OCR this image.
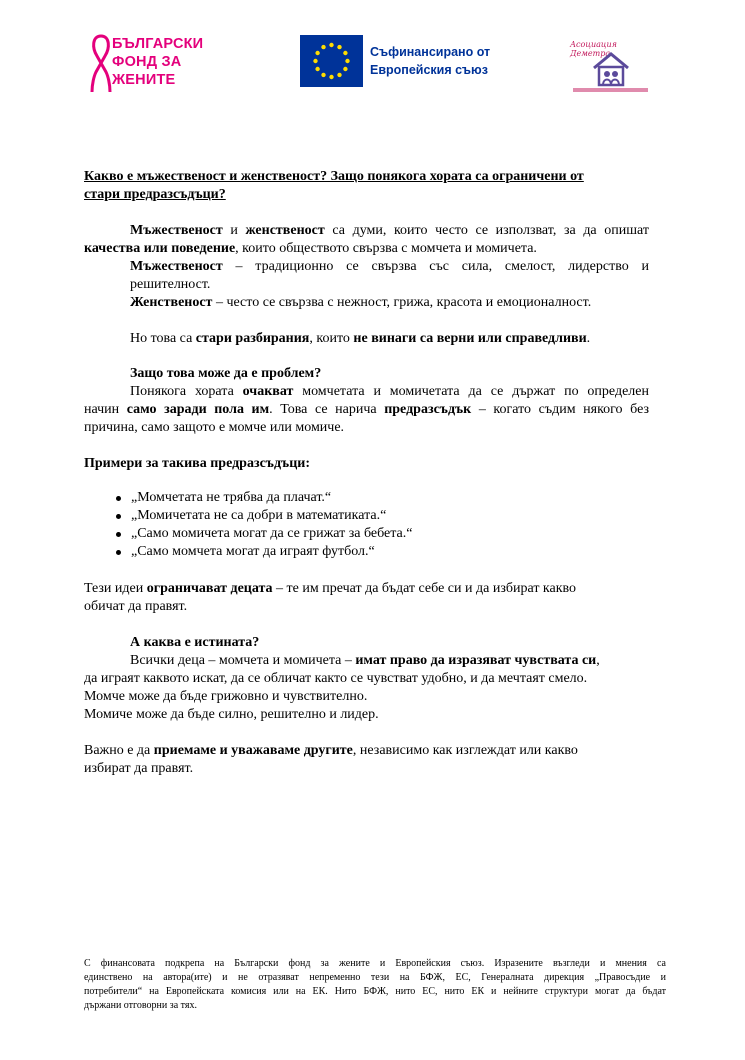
БЪЛГАРСКИ
ФОНД ЗА
ЖЕНИТЕ
Съфинансирано от
Европейския съюз
Асоциация Деметра
Какво е мъжественост и женственост? Защо понякога хората са ограничени от
стари предразсъдъци?
Мъжественост и женственост са думи, които често се използват, за да опишат
качества или поведение, които обществото свързва с момчета и момичета.
Мъжественост – традиционно се свързва със сила, смелост, лидерство и
решителност.
Женственост – често се свързва с нежност, грижа, красота и емоционалност.
Но това са стари разбирания, които не винаги са верни или справедливи.
Защо това може да е проблем?
Понякога хората очакват момчетата и момичетата да се държат по определен
начин само заради пола им. Това се нарича предразсъдък – когато съдим някого без
причина, само защото е момче или момиче.
Примери за такива предразсъдъци:
„Момчетата не трябва да плачат.“
„Момичетата не са добри в математиката.“
„Само момичета могат да се грижат за бебета.“
„Само момчета могат да играят футбол.“
Тези идеи ограничават децата – те им пречат да бъдат себе си и да избират какво
обичат да правят.
А каква е истината?
Всички деца – момчета и момичета – имат право да изразяват чувствата си,
да играят каквото искат, да се обличат както се чувстват удобно, и да мечтаят смело.
Момче може да бъде грижовно и чувствително.
Момиче може да бъде силно, решително и лидер.
Важно е да приемаме и уважаваме другите, независимо как изглеждат или какво
избират да правят.
С финансовата подкрепа на Български фонд за жените и Европейския съюз. Изразените възгледи и мнения са
единствено на автора(ите) и не отразяват непременно тези на БФЖ, ЕС, Генералната дирекция „Правосъдие и
потребители“ на Европейската комисия или на ЕК. Нито БФЖ, нито ЕС, нито ЕК и нейните структури могат да бъдат
държани отговорни за тях.
